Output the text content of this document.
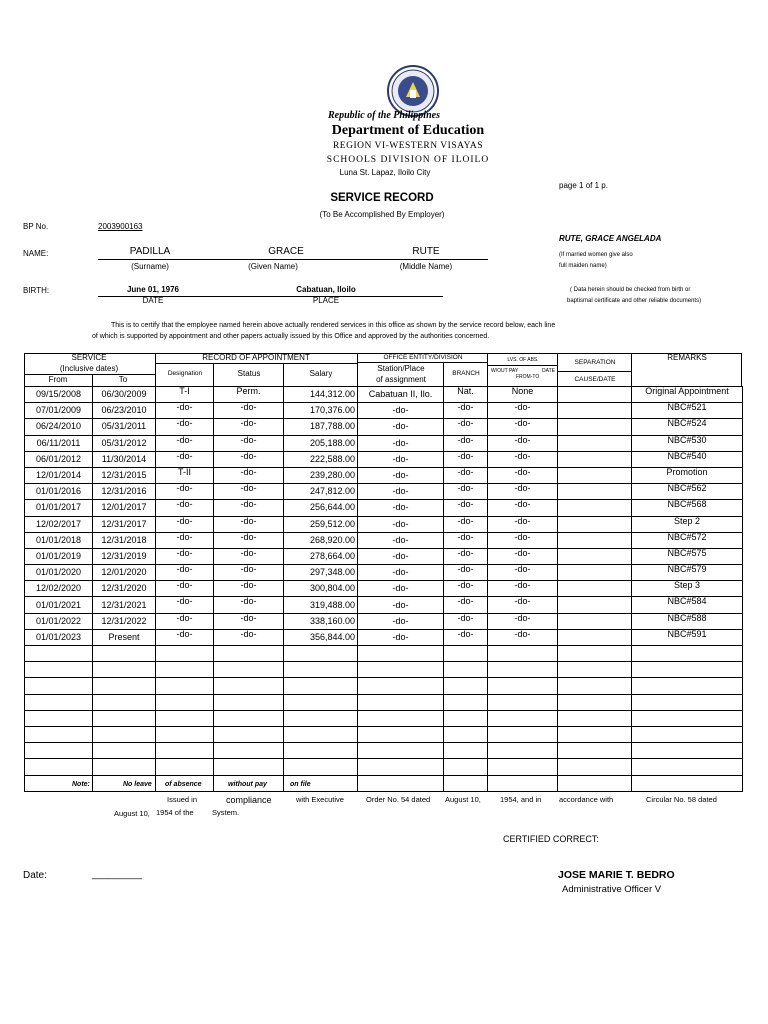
Republic of the Philippines
Department of Education
REGION VI-WESTERN VISAYAS
SCHOOLS DIVISION OF ILOILO
Luna St. Lapaz, Iloilo City
page 1 of 1 p.
SERVICE RECORD
(To Be Accomplished By Employer)
BP No.	2003900163
RUTE, GRACE ANGELADA
NAME:	PADILLA	GRACE	RUTE
(Surname)	(Given Name)	(Middle Name)
(If married women give also
full maiden name)
BIRTH:	June 01, 1976	Cabatuan, Iloilo
DATE	PLACE
( Data herein should be checked from birth or
baptismal certificate and other reliable documents)
This is to certify that the employee named herein above actually rendered services in this office as shown by the service record below, each line
of which is supported by appointment and other papers actually issued by this Office and approved by the authorities concerned.
SERVICE
(Inclusive dates)
From	To
RECORD OF APPOINTMENT
Designation	Status	Salary
OFFICE ENTITY/DIVISION
Station/Place
of assignment
BRANCH
LVS. OF ABS.
W/OUT PAY	DATE
FROM-TO
SEPARATION
CAUSE/DATE
REMARKS
09/15/2008	06/30/2009	T-I	Perm.	144,312.00	Cabatuan II, Ilo.	Nat.	None		Original Appointment
07/01/2009	06/23/2010	-do-	-do-	170,376.00	-do-	-do-	-do-		NBC#521
06/24/2010	05/31/2011	-do-	-do-	187,788.00	-do-	-do-	-do-		NBC#524
06/11/2011	05/31/2012	-do-	-do-	205,188.00	-do-	-do-	-do-		NBC#530
06/01/2012	11/30/2014	-do-	-do-	222,588.00	-do-	-do-	-do-		NBC#540
12/01/2014	12/31/2015	T-II	-do-	239,280.00	-do-	-do-	-do-		Promotion
01/01/2016	12/31/2016	-do-	-do-	247,812.00	-do-	-do-	-do-		NBC#562
01/01/2017	12/01/2017	-do-	-do-	256,644.00	-do-	-do-	-do-		NBC#568
12/02/2017	12/31/2017	-do-	-do-	259,512.00	-do-	-do-	-do-		Step 2
01/01/2018	12/31/2018	-do-	-do-	268,920.00	-do-	-do-	-do-		NBC#572
01/01/2019	12/31/2019	-do-	-do-	278,664.00	-do-	-do-	-do-		NBC#575
01/01/2020	12/01/2020	-do-	-do-	297,348.00	-do-	-do-	-do-		NBC#579
12/02/2020	12/31/2020	-do-	-do-	300,804.00	-do-	-do-	-do-		Step 3
01/01/2021	12/31/2021	-do-	-do-	319,488.00	-do-	-do-	-do-		NBC#584
01/01/2022	12/31/2022	-do-	-do-	338,160.00	-do-	-do-	-do-		NBC#588
01/01/2023	Present	-do-	-do-	356,844.00	-do-	-do-	-do-		NBC#591

Note:	No leave of absence	without pay	on file
Issued in	compliance	with Executive	Order No. 54 dated August 10,	1954, and in accordance with	Circular No. 58 dated
August 10, 1954 of the System.
CERTIFIED CORRECT:
Date:	_________	JOSE MARIE T. BEDRO
Administrative Officer V
